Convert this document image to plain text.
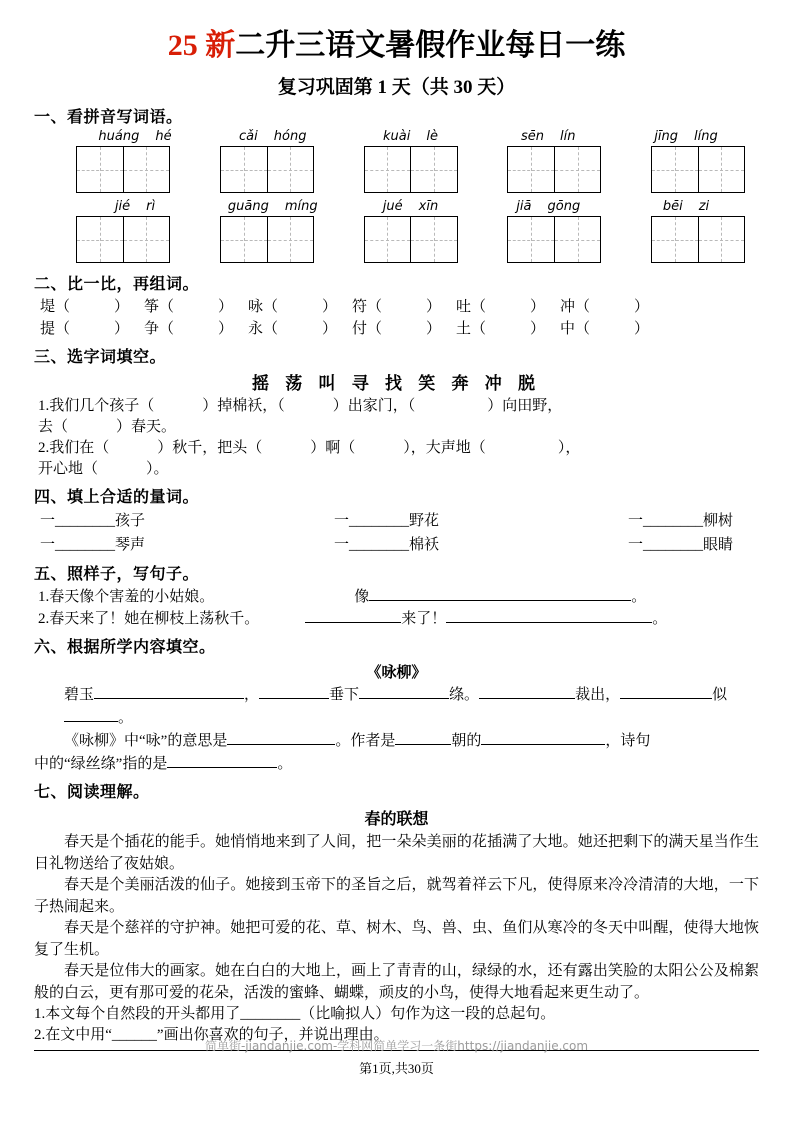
25 新二升三语文暑假作业每日一练
复习巩固第 1 天（共 30 天）
一、看拼音写词语。
huáng hé	cǎi hóng	kuài lè	sēn lín	jīng líng
jié rì	guāng míng	jué xīn	jiā gōng	bēi zi
二、比一比，再组词。
堤（	） 筝（	） 咏（	） 符（	） 吐（	） 冲（	）
提（	） 争（	） 永（	） 付（	） 土（	） 中（	）
三、选字词填空。
摇 荡 叫 寻 找 笑 奔 冲 脱
1.我们几个孩子（	）掉棉袄，（	）出家门，（	）向田野，
去（	）春天。
2.我们在（	）秋千，把头（	）啊（	），大声地（	），
开心地（	）。
四、填上合适的量词。
一________孩子	一________野花	一________柳树
一________琴声	一________棉袄	一________眼睛
五、照样子，写句子。
1.春天像个害羞的小姑娘。	像	。
2.春天来了！她在柳枝上荡秋千。	来了！	。
六、根据所学内容填空。
《咏柳》
碧玉	，	垂下	绦。	裁出，	似。
《咏柳》中“咏”的意思是	。作者是	朝的	，诗句
中的“绿丝绦”指的是	。
七、阅读理解。
春的联想
春天是个插花的能手。她悄悄地来到了人间，把一朵朵美丽的花插满了大地。她还把剩下的满天星当作生日礼物送给了夜姑娘。
春天是个美丽活泼的仙子。她接到玉帝下的圣旨之后，就驾着祥云下凡，使得原来冷冷清清的大地，一下子热闹起来。
春天是个慈祥的守护神。她把可爱的花、草、树木、鸟、兽、虫、鱼们从寒冷的冬天中叫醒，使得大地恢复了生机。
春天是位伟大的画家。她在白白的大地上，画上了青青的山，绿绿的水，还有露出笑脸的太阳公公及棉絮般的白云，更有那可爱的花朵，活泼的蜜蜂、蝴蝶，顽皮的小鸟，使得大地看起来更生动了。
1.本文每个自然段的开头都用了________（比喻拟人）句作为这一段的总起句。
2.在文中用“______”画出你喜欢的句子，并说出理由。
简单街-jiandanjie.com-学科网简单学习一条街https://jiandanjie.com
第1页,共30页
